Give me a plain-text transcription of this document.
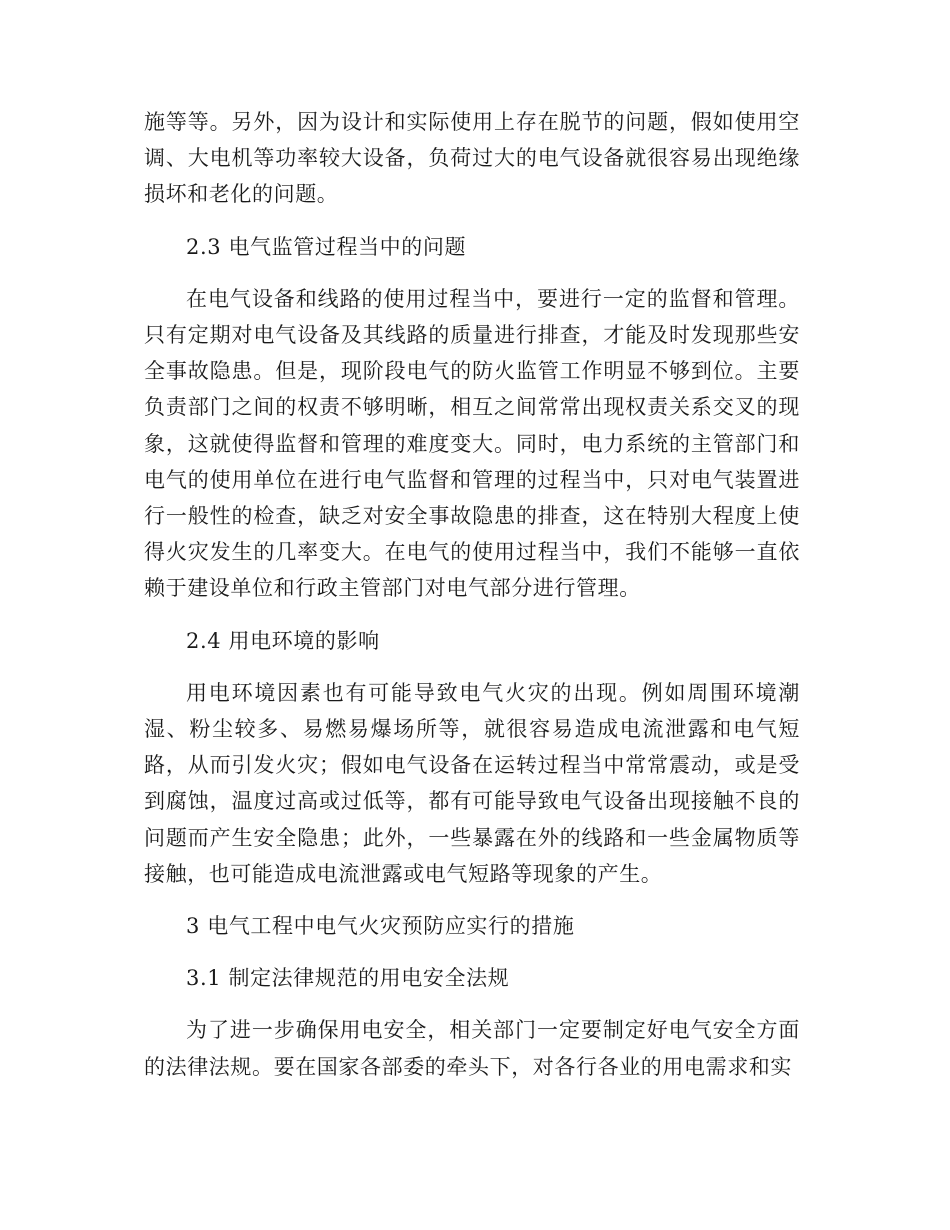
施等等。另外，因为设计和实际使用上存在脱节的问题，假如使用空调、大电机等功率较大设备，负荷过大的电气设备就很容易出现绝缘损坏和老化的问题。

2.3 电气监管过程当中的问题

在电气设备和线路的使用过程当中，要进行一定的监督和管理。只有定期对电气设备及其线路的质量进行排查，才能及时发现那些安全事故隐患。但是，现阶段电气的防火监管工作明显不够到位。主要负责部门之间的权责不够明晰，相互之间常常出现权责关系交叉的现象，这就使得监督和管理的难度变大。同时，电力系统的主管部门和电气的使用单位在进行电气监督和管理的过程当中，只对电气装置进行一般性的检查，缺乏对安全事故隐患的排查，这在特别大程度上使得火灾发生的几率变大。在电气的使用过程当中，我们不能够一直依赖于建设单位和行政主管部门对电气部分进行管理。

2.4 用电环境的影响

用电环境因素也有可能导致电气火灾的出现。例如周围环境潮湿、粉尘较多、易燃易爆场所等，就很容易造成电流泄露和电气短路，从而引发火灾；假如电气设备在运转过程当中常常震动，或是受到腐蚀，温度过高或过低等，都有可能导致电气设备出现接触不良的问题而产生安全隐患；此外，一些暴露在外的线路和一些金属物质等接触，也可能造成电流泄露或电气短路等现象的产生。

3 电气工程中电气火灾预防应实行的措施

3.1 制定法律规范的用电安全法规

为了进一步确保用电安全，相关部门一定要制定好电气安全方面的法律法规。要在国家各部委的牵头下，对各行各业的用电需求和实
